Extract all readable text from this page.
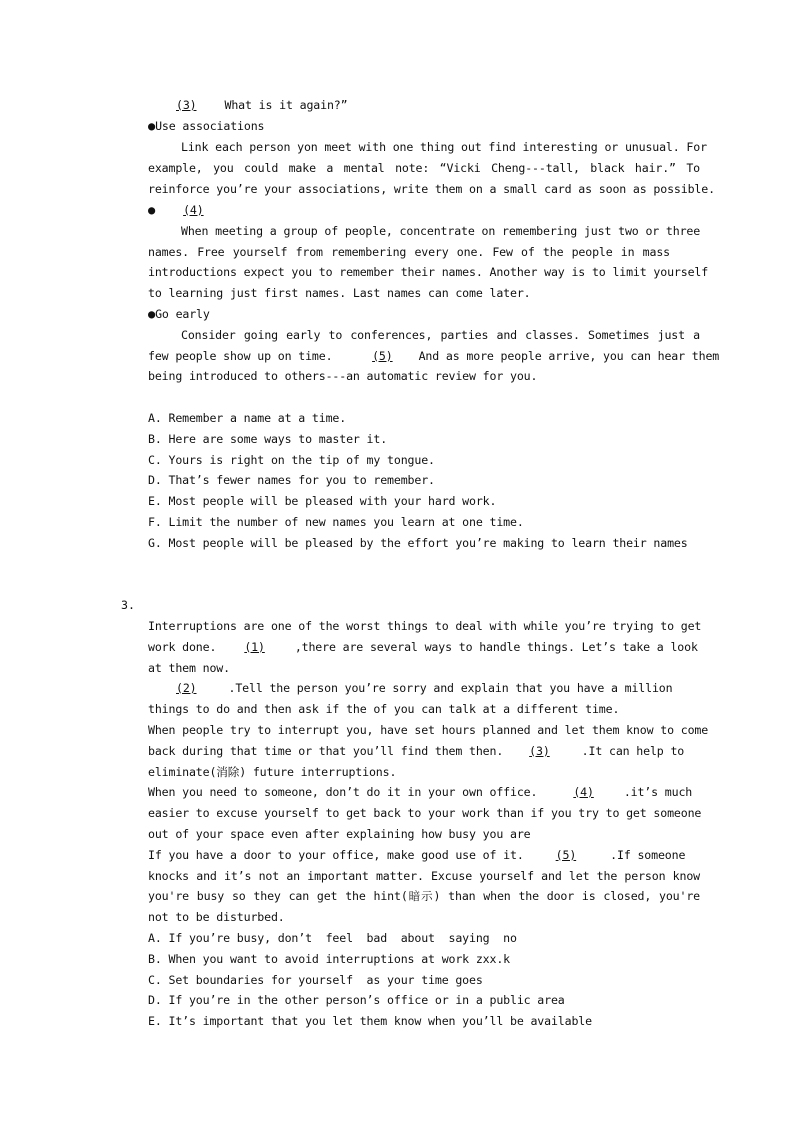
(3) What is it again?”
●Use associations
Link each person yon meet with one thing out find interesting or unusual. For
example, you could make a mental note: “Vicki Cheng---tall, black hair.” To
reinforce you’re your associations, write them on a small card as soon as possible.
● (4)
When meeting a group of people, concentrate on remembering just two or three
names. Free yourself from remembering every one. Few of the people in mass
introductions expect you to remember their names. Another way is to limit yourself
to learning just first names. Last names can come later.
●Go early
Consider going early to conferences, parties and classes. Sometimes just a
few people show up on time.	(5) And as more people arrive, you can hear them
being introduced to others---an automatic review for you.
A. Remember a name at a time.
B. Here are some ways to master it.
C. Yours is right on the tip of my tongue.
D. That’s fewer names for you to remember.
E. Most people will be pleased with your hard work.
F. Limit the number of new names you learn at one time.
G. Most people will be pleased by the effort you’re making to learn their names
3.
Interruptions are one of the worst things to deal with while you’re trying to get
work done. (1)	,there are several ways to handle things. Let’s take a look
at them now.
(2)	.Tell the person you’re sorry and explain that you have a million
things to do and then ask if the of you can talk at a different time.
When people try to interrupt you, have set hours planned and let them know to come
back during that time or that you’ll find them then. (3)	.It can help to
eliminate(消除) future interruptions.
When you need to someone, don’t do it in your own office.	(4)	.it’s much
easier to excuse yourself to get back to your work than if you try to get someone
out of your space even after explaining how busy you are
If you have a door to your office, make good use of it.	(5)	.If someone
knocks and it’s not an important matter. Excuse yourself and let the person know
you're busy so they can get the hint(暗示) than when the door is closed, you're
not to be disturbed.
A. If you’re busy, don’t  feel  bad  about  saying  no
B. When you want to avoid interruptions at work zxx.k
C. Set boundaries for yourself  as your time goes
D. If you’re in the other person’s office or in a public area
E. It’s important that you let them know when you’ll be available
